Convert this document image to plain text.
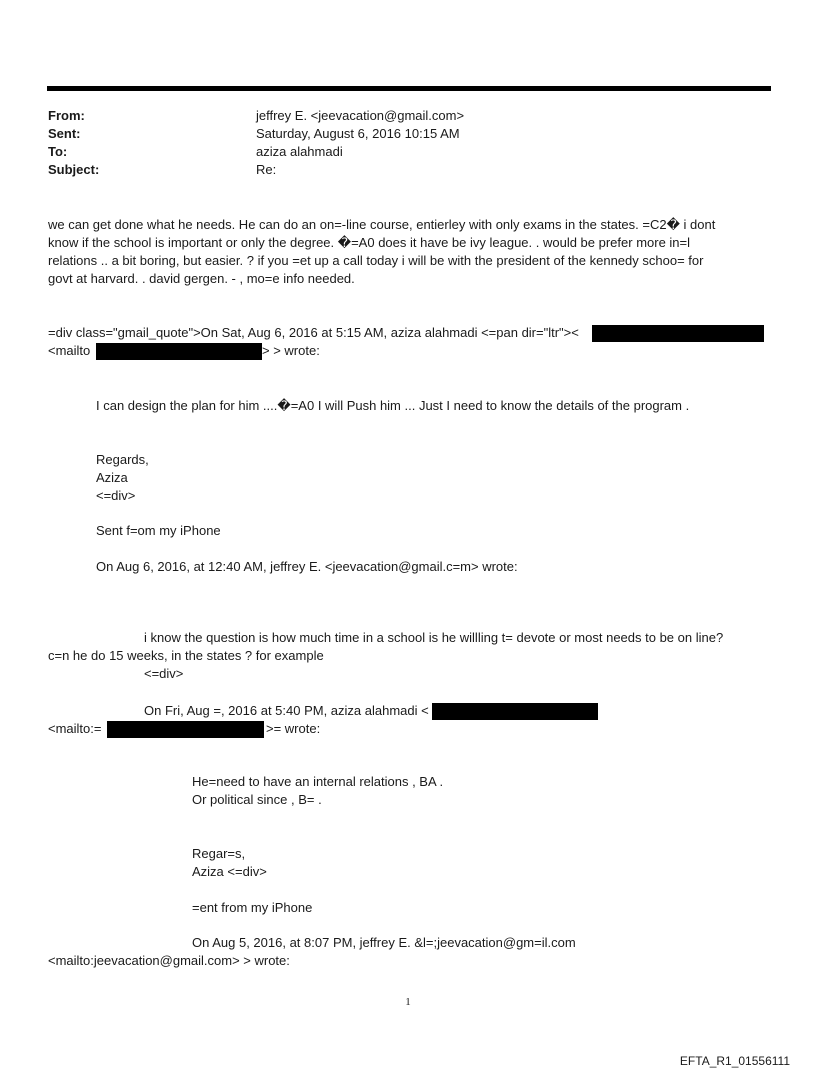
From:	jeffrey E. <jeevacation@gmail.com>
Sent:	Saturday, August 6, 2016 10:15 AM
To:	aziza alahmadi
Subject:	Re:
we can get done what he needs. He can do an on=-line course, entierley with only exams in the states. =C2� i dont
know if the school is important or only the degree. �=A0 does it have be ivy league. . would be prefer more in=l
relations .. a bit boring, but easier. ? if you =et up a call today i will be with the president of the kennedy schoo= for
govt at harvard. . david gergen. - , mo=e info needed.
=div class="gmail_quote">On Sat, Aug 6, 2016 at 5:15 AM, aziza alahmadi <=pan dir="ltr"><
<mailto	> > wrote:
I can design the plan for him ....�=A0 I will Push him ... Just I need to know the details of the program .
Regards,
Aziza
<=div>
Sent f=om my iPhone
On Aug 6, 2016, at 12:40 AM, jeffrey E. <jeevacation@gmail.c=m> wrote:
i know the question is how much time in a school is he willling t= devote or most needs to be on line?
c=n he do 15 weeks, in the states ? for example
<=div>
On Fri, Aug =, 2016 at 5:40 PM, aziza alahmadi <
<mailto:=	>= wrote:
He=need to have an internal relations , BA .
Or political since , B= .
Regar=s,
Aziza <=div>
=ent from my iPhone
On Aug 5, 2016, at 8:07 PM, jeffrey E. &l=;jeevacation@gm=il.com
<mailto:jeevacation@gmail.com> > wrote:
1
EFTA_R1_01556111
